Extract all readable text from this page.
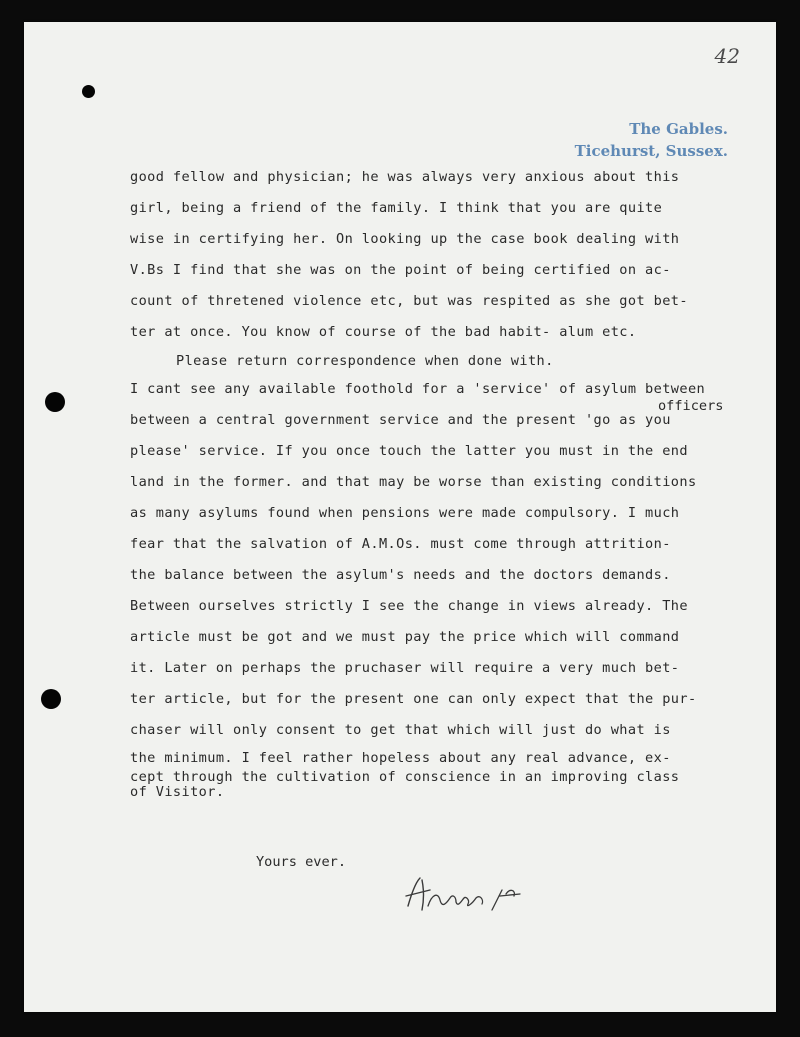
42
The Gables.
Ticehurst, Sussex.
officers
good fellow and physician; he was always very anxious about this
girl, being a friend of the family. I think that you are quite
wise in certifying her. On looking up the case book dealing with
V.Bs I find that she was on the point of being certified on ac-
count of thretened violence etc, but was respited as she got bet-
ter at once. You know of course of the bad habit- alum etc.
Please return correspondence when done with.
I cant see any available foothold for a 'service' of asylum between
between a central government service and the present 'go as you
please' service. If you once touch the latter you must in the end
land in the former. and that may be worse than existing conditions
as many asylums found when pensions were made compulsory. I much
fear that the salvation of A.M.Os. must come through attrition-
the balance between the asylum's needs and the doctors demands.
Between ourselves strictly I see the change in views already. The
article must be got and we must pay the price which will command
it. Later on perhaps the pruchaser will require a very much bet-
ter article, but for the present one can only expect that the pur-
chaser will only consent to get that which will just do what is
the minimum. I feel rather hopeless about any real advance, ex-
cept through the cultivation of conscience in an improving class
of Visitor.
Yours ever.
